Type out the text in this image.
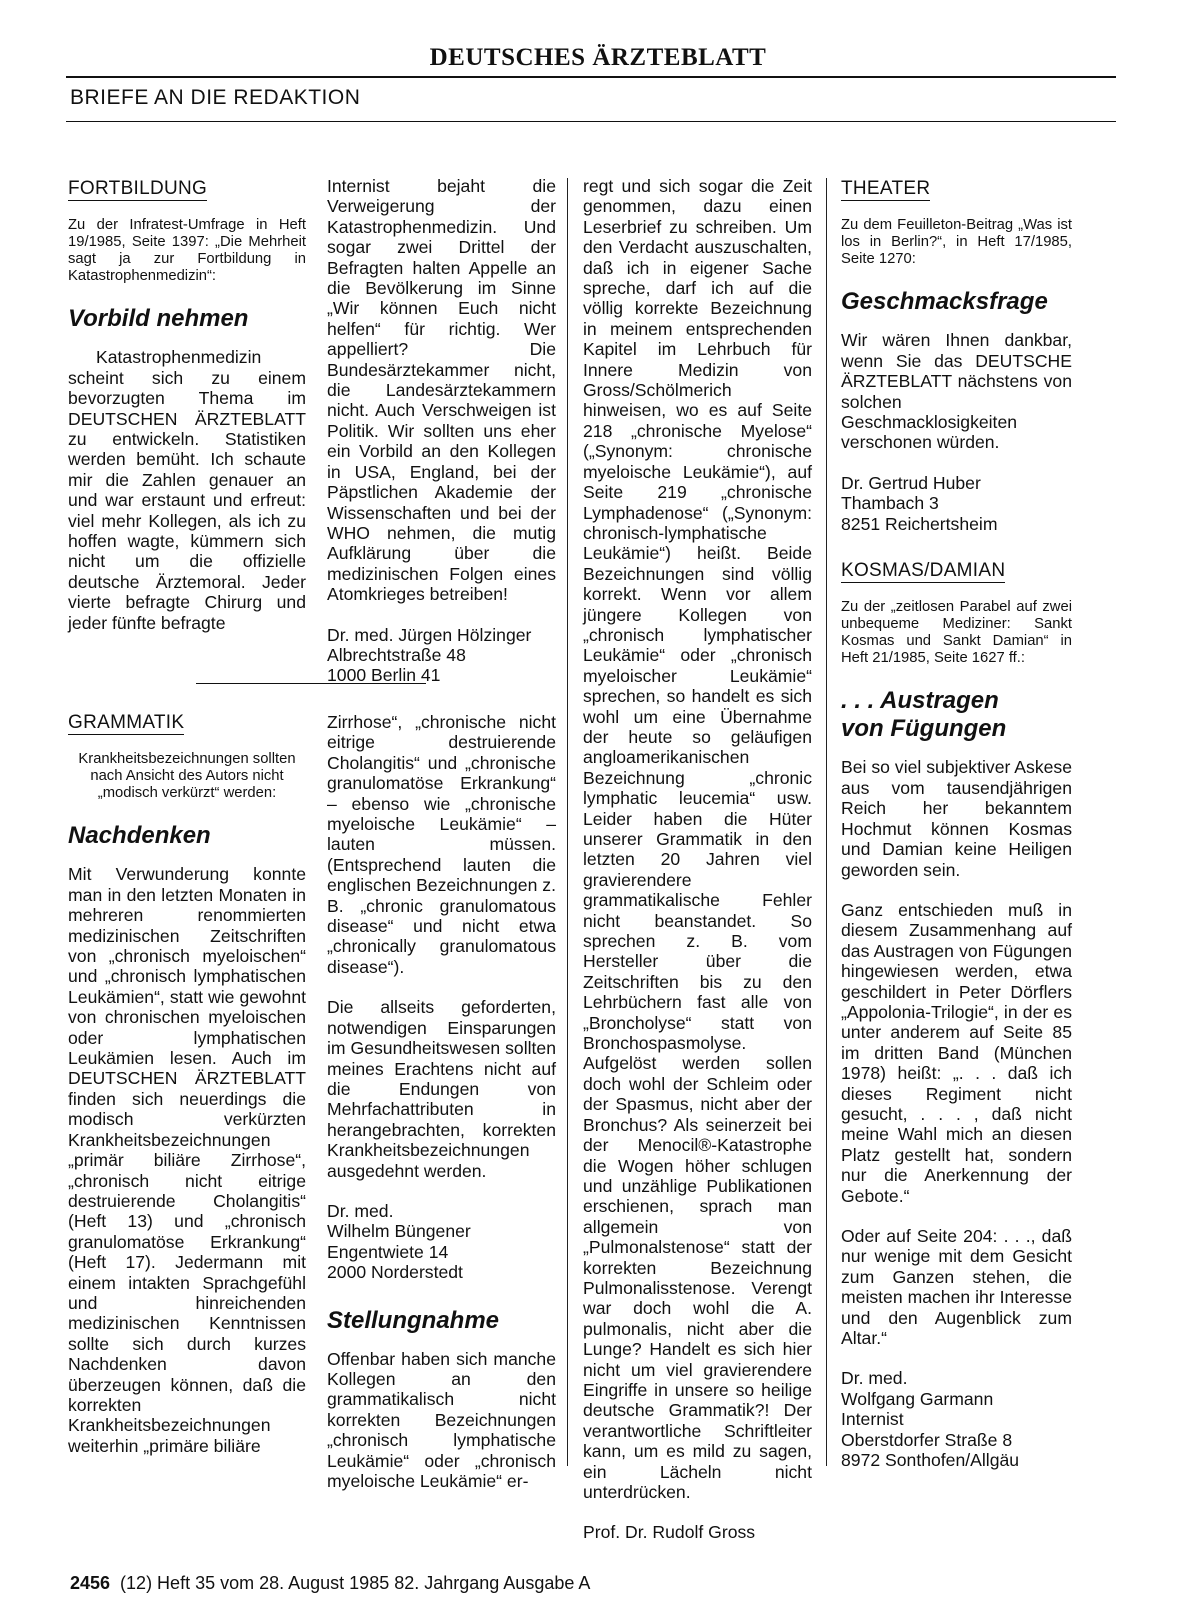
DEUTSCHES ÄRZTEBLATT
BRIEFE AN DIE REDAKTION

FORTBILDUNG

Zu der Infratest-Umfrage in Heft 19/1985, Seite 1397: „Die Mehrheit sagt ja zur Fortbildung in Katastrophenmedizin“:

Vorbild nehmen

Katastrophenmedizin scheint sich zu einem bevorzugten Thema im DEUTSCHEN ÄRZTEBLATT zu entwickeln. Statistiken werden bemüht. Ich schaute mir die Zahlen genauer an und war erstaunt und erfreut: viel mehr Kollegen, als ich zu hoffen wagte, kümmern sich nicht um die offizielle deutsche Ärztemoral. Jeder vierte befragte Chirurg und jeder fünfte befragte

Internist bejaht die Verweigerung der Katastrophenmedizin. Und sogar zwei Drittel der Befragten halten Appelle an die Bevölkerung im Sinne „Wir können Euch nicht helfen“ für richtig. Wer appelliert? Die Bundesärztekammer nicht, die Landesärztekammern nicht. Auch Verschweigen ist Politik. Wir sollten uns eher ein Vorbild an den Kollegen in USA, England, bei der Päpstlichen Akademie der Wissenschaften und bei der WHO nehmen, die mutig Aufklärung über die medizinischen Folgen eines Atomkrieges betreiben!

Dr. med. Jürgen Hölzinger
Albrechtstraße 48
1000 Berlin 41

GRAMMATIK

Krankheitsbezeichnungen sollten nach Ansicht des Autors nicht „modisch verkürzt“ werden:

Nachdenken

Mit Verwunderung konnte man in den letzten Monaten in mehreren renommierten medizinischen Zeitschriften von „chronisch myeloischen“ und „chronisch lymphatischen Leukämien“, statt wie gewohnt von chronischen myeloischen oder lymphatischen Leukämien lesen. Auch im DEUTSCHEN ÄRZTEBLATT finden sich neuerdings die modisch verkürzten Krankheitsbezeichnungen „primär biliäre Zirrhose“, „chronisch nicht eitrige destruierende Cholangitis“ (Heft 13) und „chronisch granulomatöse Erkrankung“ (Heft 17). Jedermann mit einem intakten Sprachgefühl und hinreichenden medizinischen Kenntnissen sollte sich durch kurzes Nachdenken davon überzeugen können, daß die korrekten Krankheitsbezeichnungen weiterhin „primäre biliäre

Zirrhose“, „chronische nicht eitrige destruierende Cholangitis“ und „chronische granulomatöse Erkrankung“ – ebenso wie „chronische myeloische Leukämie“ – lauten müssen. (Entsprechend lauten die englischen Bezeichnungen z. B. „chronic granulomatous disease“ und nicht etwa „chronically granulomatous disease“).

Die allseits geforderten, notwendigen Einsparungen im Gesundheitswesen sollten meines Erachtens nicht auf die Endungen von Mehrfachattributen in herangebrachten, korrekten Krankheitsbezeichnungen ausgedehnt werden.

Dr. med.
Wilhelm Büngener
Engentwiete 14
2000 Norderstedt

Stellungnahme

Offenbar haben sich manche Kollegen an den grammatikalisch nicht korrekten Bezeichnungen „chronisch lymphatische Leukämie“ oder „chronisch myeloische Leukämie“ er-

regt und sich sogar die Zeit genommen, dazu einen Leserbrief zu schreiben. Um den Verdacht auszuschalten, daß ich in eigener Sache spreche, darf ich auf die völlig korrekte Bezeichnung in meinem entsprechenden Kapitel im Lehrbuch für Innere Medizin von Gross/Schölmerich hinweisen, wo es auf Seite 218 „chronische Myelose“ („Synonym: chronische myeloische Leukämie“), auf Seite 219 „chronische Lymphadenose“ („Synonym: chronisch-lymphatische Leukämie“) heißt. Beide Bezeichnungen sind völlig korrekt. Wenn vor allem jüngere Kollegen von „chronisch lymphatischer Leukämie“ oder „chronisch myeloischer Leukämie“ sprechen, so handelt es sich wohl um eine Übernahme der heute so geläufigen angloamerikanischen Bezeichnung „chronic lymphatic leucemia“ usw. Leider haben die Hüter unserer Grammatik in den letzten 20 Jahren viel gravierendere grammatikalische Fehler nicht beanstandet. So sprechen z. B. vom Hersteller über die Zeitschriften bis zu den Lehrbüchern fast alle von „Broncholyse“ statt von Bronchospasmolyse. Aufgelöst werden sollen doch wohl der Schleim oder der Spasmus, nicht aber der Bronchus? Als seinerzeit bei der Menocil®-Katastrophe die Wogen höher schlugen und unzählige Publikationen erschienen, sprach man allgemein von „Pulmonalstenose“ statt der korrekten Bezeichnung Pulmonalisstenose. Verengt war doch wohl die A. pulmonalis, nicht aber die Lunge? Handelt es sich hier nicht um viel gravierendere Eingriffe in unsere so heilige deutsche Grammatik?! Der verantwortliche Schriftleiter kann, um es mild zu sagen, ein Lächeln nicht unterdrücken.

Prof. Dr. Rudolf Gross

THEATER

Zu dem Feuilleton-Beitrag „Was ist los in Berlin?“, in Heft 17/1985, Seite 1270:

Geschmacksfrage

Wir wären Ihnen dankbar, wenn Sie das DEUTSCHE ÄRZTEBLATT nächstens von solchen Geschmacklosigkeiten verschonen würden.

Dr. Gertrud Huber
Thambach 3
8251 Reichertsheim

KOSMAS/DAMIAN

Zu der „zeitlosen Parabel auf zwei unbequeme Mediziner: Sankt Kosmas und Sankt Damian“ in Heft 21/1985, Seite 1627 ff.:

. . . Austragen
von Fügungen

Bei so viel subjektiver Askese aus vom tausendjährigen Reich her bekanntem Hochmut können Kosmas und Damian keine Heiligen geworden sein.

Ganz entschieden muß in diesem Zusammenhang auf das Austragen von Fügungen hingewiesen werden, etwa geschildert in Peter Dörflers „Appolonia-Trilogie“, in der es unter anderem auf Seite 85 im dritten Band (München 1978) heißt: „. . . daß ich dieses Regiment nicht gesucht, . . . , daß nicht meine Wahl mich an diesen Platz gestellt hat, sondern nur die Anerkennung der Gebote.“

Oder auf Seite 204: . . ., daß nur wenige mit dem Gesicht zum Ganzen stehen, die meisten machen ihr Interesse und den Augenblick zum Altar.“

Dr. med.
Wolfgang Garmann
Internist
Oberstdorfer Straße 8
8972 Sonthofen/Allgäu

2456 (12) Heft 35 vom 28. August 1985 82. Jahrgang Ausgabe A
